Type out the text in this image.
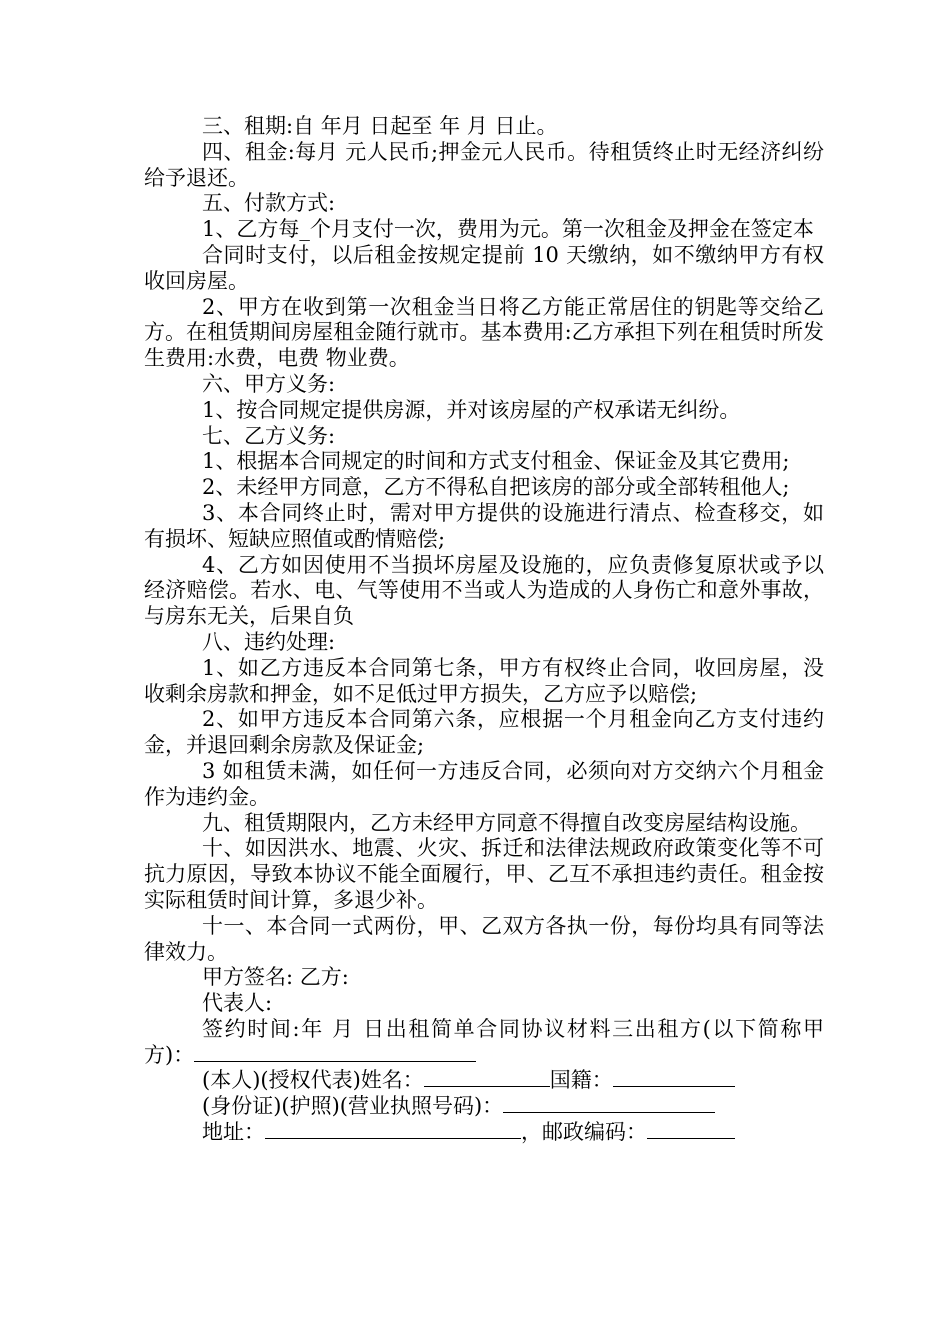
三、租期:自 年月 日起至 年 月 日止。

四、租金:每月 元人民币;押金元人民币。待租赁终止时无经济纠纷给予退还。

五、付款方式:

1、乙方每_个月支付一次，费用为元。第一次租金及押金在签定本

合同时支付，以后租金按规定提前 10 天缴纳，如不缴纳甲方有权收回房屋。

2、甲方在收到第一次租金当日将乙方能正常居住的钥匙等交给乙方。在租赁期间房屋租金随行就市。基本费用:乙方承担下列在租赁时所发生费用:水费，电费 物业费。

六、甲方义务:

1、按合同规定提供房源，并对该房屋的产权承诺无纠纷。

七、乙方义务:

1、根据本合同规定的时间和方式支付租金、保证金及其它费用;

2、未经甲方同意，乙方不得私自把该房的部分或全部转租他人;

3、本合同终止时，需对甲方提供的设施进行清点、检查移交，如有损坏、短缺应照值或酌情赔偿;

4、乙方如因使用不当损坏房屋及设施的，应负责修复原状或予以经济赔偿。若水、电、气等使用不当或人为造成的人身伤亡和意外事故，与房东无关，后果自负

八、违约处理:

1、如乙方违反本合同第七条，甲方有权终止合同，收回房屋，没收剩余房款和押金，如不足低过甲方损失，乙方应予以赔偿;

2、如甲方违反本合同第六条，应根据一个月租金向乙方支付违约金，并退回剩余房款及保证金;

3 如租赁未满，如任何一方违反合同，必须向对方交纳六个月租金作为违约金。

九、租赁期限内，乙方未经甲方同意不得擅自改变房屋结构设施。

十、如因洪水、地震、火灾、拆迁和法律法规政府政策变化等不可抗力原因，导致本协议不能全面履行，甲、乙互不承担违约责任。租金按实际租赁时间计算，多退少补。

十一、本合同一式两份，甲、乙双方各执一份，每份均具有同等法律效力。

甲方签名: 乙方:

代表人:

签约时间:年 月 日出租简单合同协议材料三出租方(以下简称甲方)：

(本人)(授权代表)姓名：	国籍：

(身份证)(护照)(营业执照号码)：

地址：	，邮政编码：
